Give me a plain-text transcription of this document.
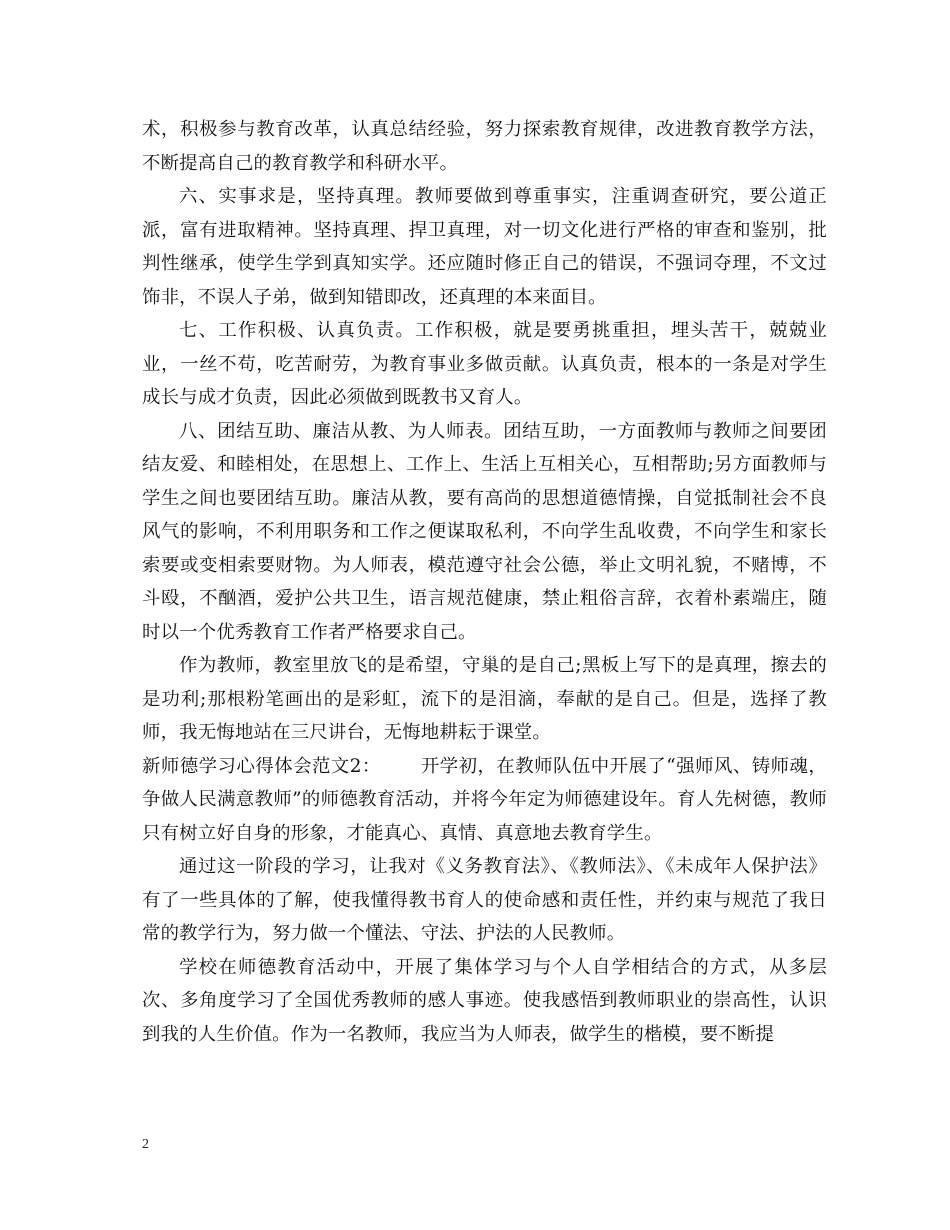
术，积极参与教育改革，认真总结经验，努力探索教育规律，改进教育教学方法，不断提高自己的教育教学和科研水平。

六、实事求是，坚持真理。教师要做到尊重事实，注重调查研究，要公道正派，富有进取精神。坚持真理、捍卫真理，对一切文化进行严格的审查和鉴别，批判性继承，使学生学到真知实学。还应随时修正自己的错误，不强词夺理，不文过饰非，不误人子弟，做到知错即改，还真理的本来面目。

七、工作积极、认真负责。工作积极，就是要勇挑重担，埋头苦干，兢兢业业，一丝不苟，吃苦耐劳，为教育事业多做贡献。认真负责，根本的一条是对学生成长与成才负责，因此必须做到既教书又育人。

八、团结互助、廉洁从教、为人师表。团结互助，一方面教师与教师之间要团结友爱、和睦相处，在思想上、工作上、生活上互相关心，互相帮助;另方面教师与学生之间也要团结互助。廉洁从教，要有高尚的思想道德情操，自觉抵制社会不良风气的影响，不利用职务和工作之便谋取私利，不向学生乱收费，不向学生和家长索要或变相索要财物。为人师表，模范遵守社会公德，举止文明礼貌，不赌博，不斗殴，不酗酒，爱护公共卫生，语言规范健康，禁止粗俗言辞，衣着朴素端庄，随时以一个优秀教育工作者严格要求自己。

作为教师，教室里放飞的是希望，守巢的是自己;黑板上写下的是真理，擦去的是功利;那根粉笔画出的是彩虹，流下的是泪滴，奉献的是自己。但是，选择了教师，我无悔地站在三尺讲台，无悔地耕耘于课堂。

新师德学习心得体会范文2： 开学初，在教师队伍中开展了“强师风、铸师魂，争做人民满意教师”的师德教育活动，并将今年定为师德建设年。育人先树德，教师只有树立好自身的形象，才能真心、真情、真意地去教育学生。

通过这一阶段的学习，让我对《义务教育法》、《教师法》、《未成年人保护法》有了一些具体的了解，使我懂得教书育人的使命感和责任性，并约束与规范了我日常的教学行为，努力做一个懂法、守法、护法的人民教师。

学校在师德教育活动中，开展了集体学习与个人自学相结合的方式，从多层次、多角度学习了全国优秀教师的感人事迹。使我感悟到教师职业的崇高性，认识到我的人生价值。作为一名教师，我应当为人师表，做学生的楷模，要不断提

2
